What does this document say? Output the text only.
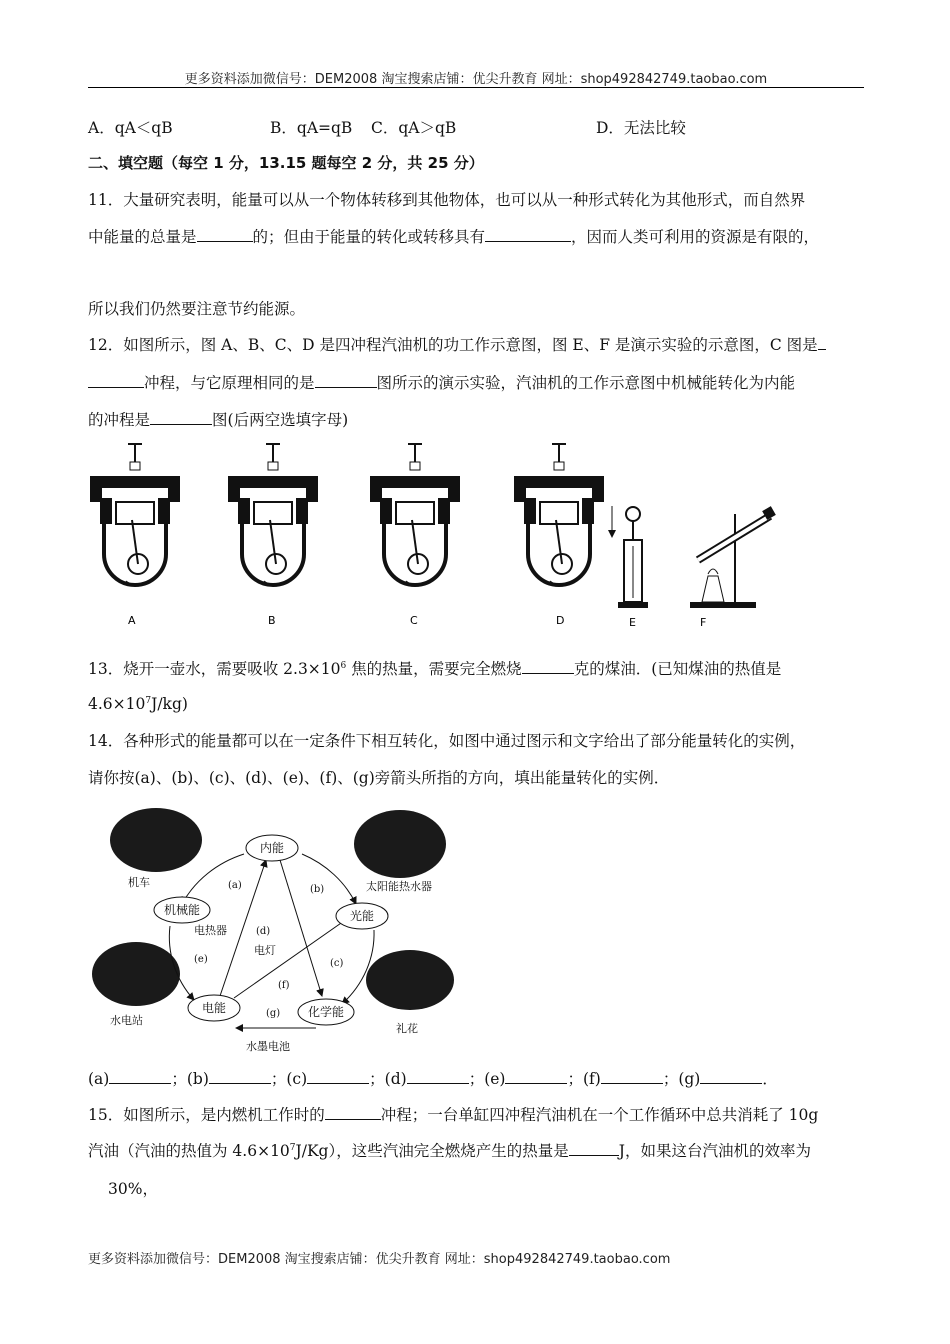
更多资料添加微信号：DEM2008 淘宝搜索店铺：优尖升教育 网址：shop492842749.taobao.com
A．qA＜qB	B．qA=qB C．qA＞qB	D．无法比较
二、填空题（每空 1 分，13.15 题每空 2 分，共 25 分）
11．大量研究表明，能量可以从一个物体转移到其他物体，也可以从一种形式转化为其他形式，而自然界
中能量的总量是	的；但由于能量的转化或转移具有	，因而人类可利用的资源是有限的，
所以我们仍然要注意节约能源。
12．如图所示，图 A、B、C、D 是四冲程汽油机的功工作示意图，图 E、F 是演示实验的示意图，C 图是
冲程，与它原理相同的是	图所示的演示实验，汽油机的工作示意图中机械能转化为内能
的冲程是	图(后两空选填字母)
A	B	C	D	E	F
13．烧开一壶水，需要吸收 $2.3\times 10^6$ 焦的热量，需要完全燃烧	克的煤油．(已知煤油的热值是
$4.6\times 10^7J/kg$)
14．各种形式的能量都可以在一定条件下相互转化，如图中通过图示和文字给出了部分能量转化的实例，
请你按(a)、(b)、(c)、(d)、(e)、(f)、(g)旁箭头所指的方向，填出能量转化的实例．
内能
机械能	光能
电能	化学能
(a)	(b)
(c)
(d)
(e)
(f)
(g)
机车	太阳能热水器
水电站
礼花
电热器
电灯
水墨电池
(a)	；(b)	；(c)	；(d)	；(e)	；(f)	；(g)	．
15．如图所示，是内燃机工作时的	冲程；一台单缸四冲程汽油机在一个工作循环中总共消耗了 10g
汽油（汽油的热值为 $4.6\times 10^7J/Kg$），这些汽油完全燃烧产生的热量是	J，如果这台汽油机的效率为
30%，
更多资料添加微信号：DEM2008 淘宝搜索店铺：优尖升教育 网址：shop492842749.taobao.com
